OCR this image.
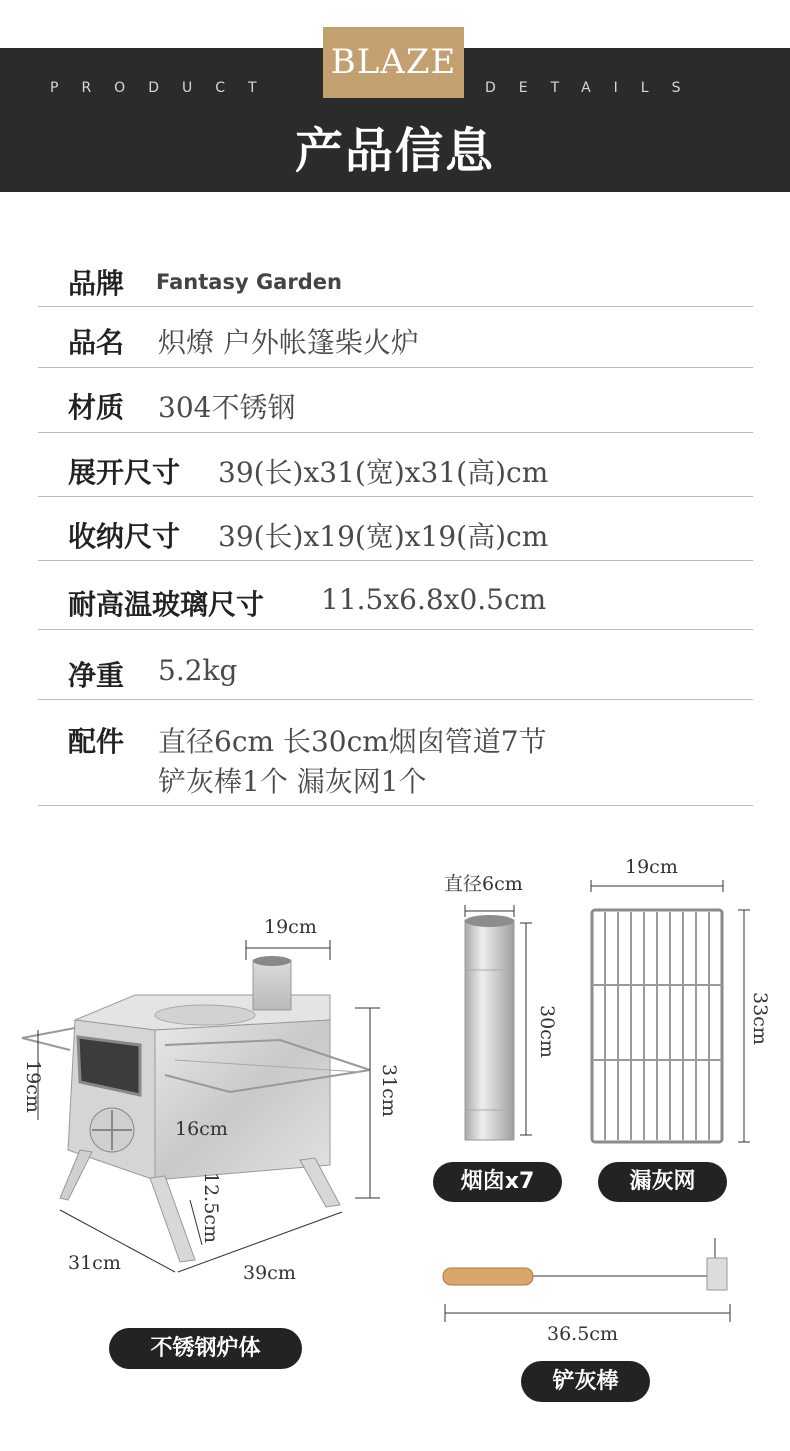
BLAZE
PRODUCT	DETAILS
产品信息
品牌 Fantasy Garden
品名 炽燎 户外帐篷柴火炉
材质 304不锈钢
展开尺寸 39(长)x31(宽)x31(高)cm
收纳尺寸 39(长)x19(宽)x19(高)cm
耐高温玻璃尺寸 11.5x6.8x0.5cm
净重 5.2kg
配件 直径6cm 长30cm烟囱管道7节
铲灰棒1个 漏灰网1个
19cm
19cm	31cm
16cm
12.5cm
31cm	39cm
不锈钢炉体
直径6cm
30cm
烟囱x7
19cm
33cm
漏灰网
36.5cm
铲灰棒
